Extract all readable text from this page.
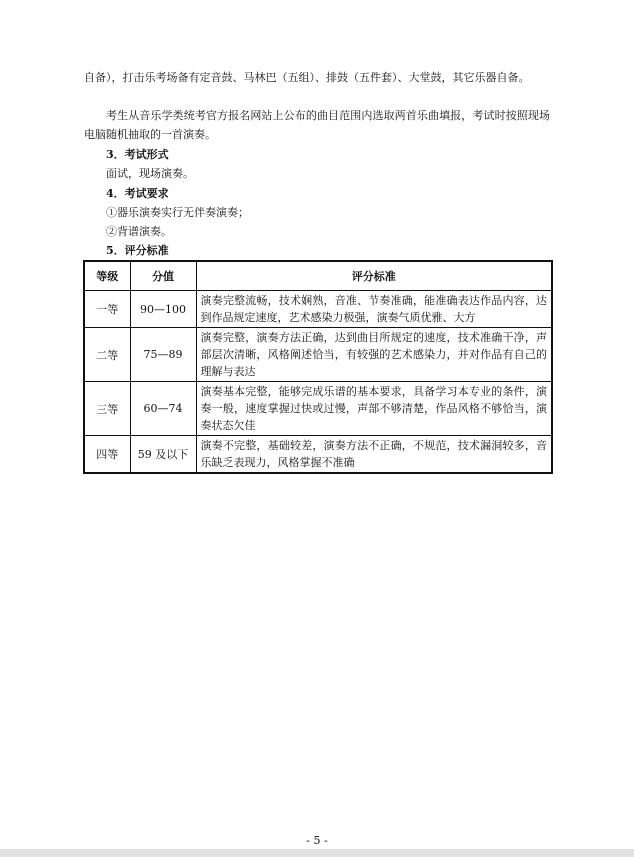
自备），打击乐考场备有定音鼓、马林巴（五组）、排鼓（五件套）、大堂鼓，其它乐器自备。

考生从音乐学类统考官方报名网站上公布的曲目范围内选取两首乐曲填报，考试时按照现场电脑随机抽取的一首演奏。

3．考试形式
面试，现场演奏。
4．考试要求
①器乐演奏实行无伴奏演奏；
②背谱演奏。
5．评分标准
等级	分值	评分标准
一等	90—100	演奏完整流畅，技术娴熟，音准、节奏准确，能准确表达作品内容，达到作品规定速度，艺术感染力极强，演奏气质优雅、大方
二等	75—89	演奏完整，演奏方法正确，达到曲目所规定的速度，技术准确干净，声部层次清晰，风格阐述恰当，有较强的艺术感染力，并对作品有自己的理解与表达
三等	60—74	演奏基本完整，能够完成乐谱的基本要求，具备学习本专业的条件，演奏一般，速度掌握过快或过慢，声部不够清楚，作品风格不够恰当，演奏状态欠佳
四等	59 及以下	演奏不完整，基础较差，演奏方法不正确，不规范，技术漏洞较多，音乐缺乏表现力，风格掌握不准确
- 5 -
